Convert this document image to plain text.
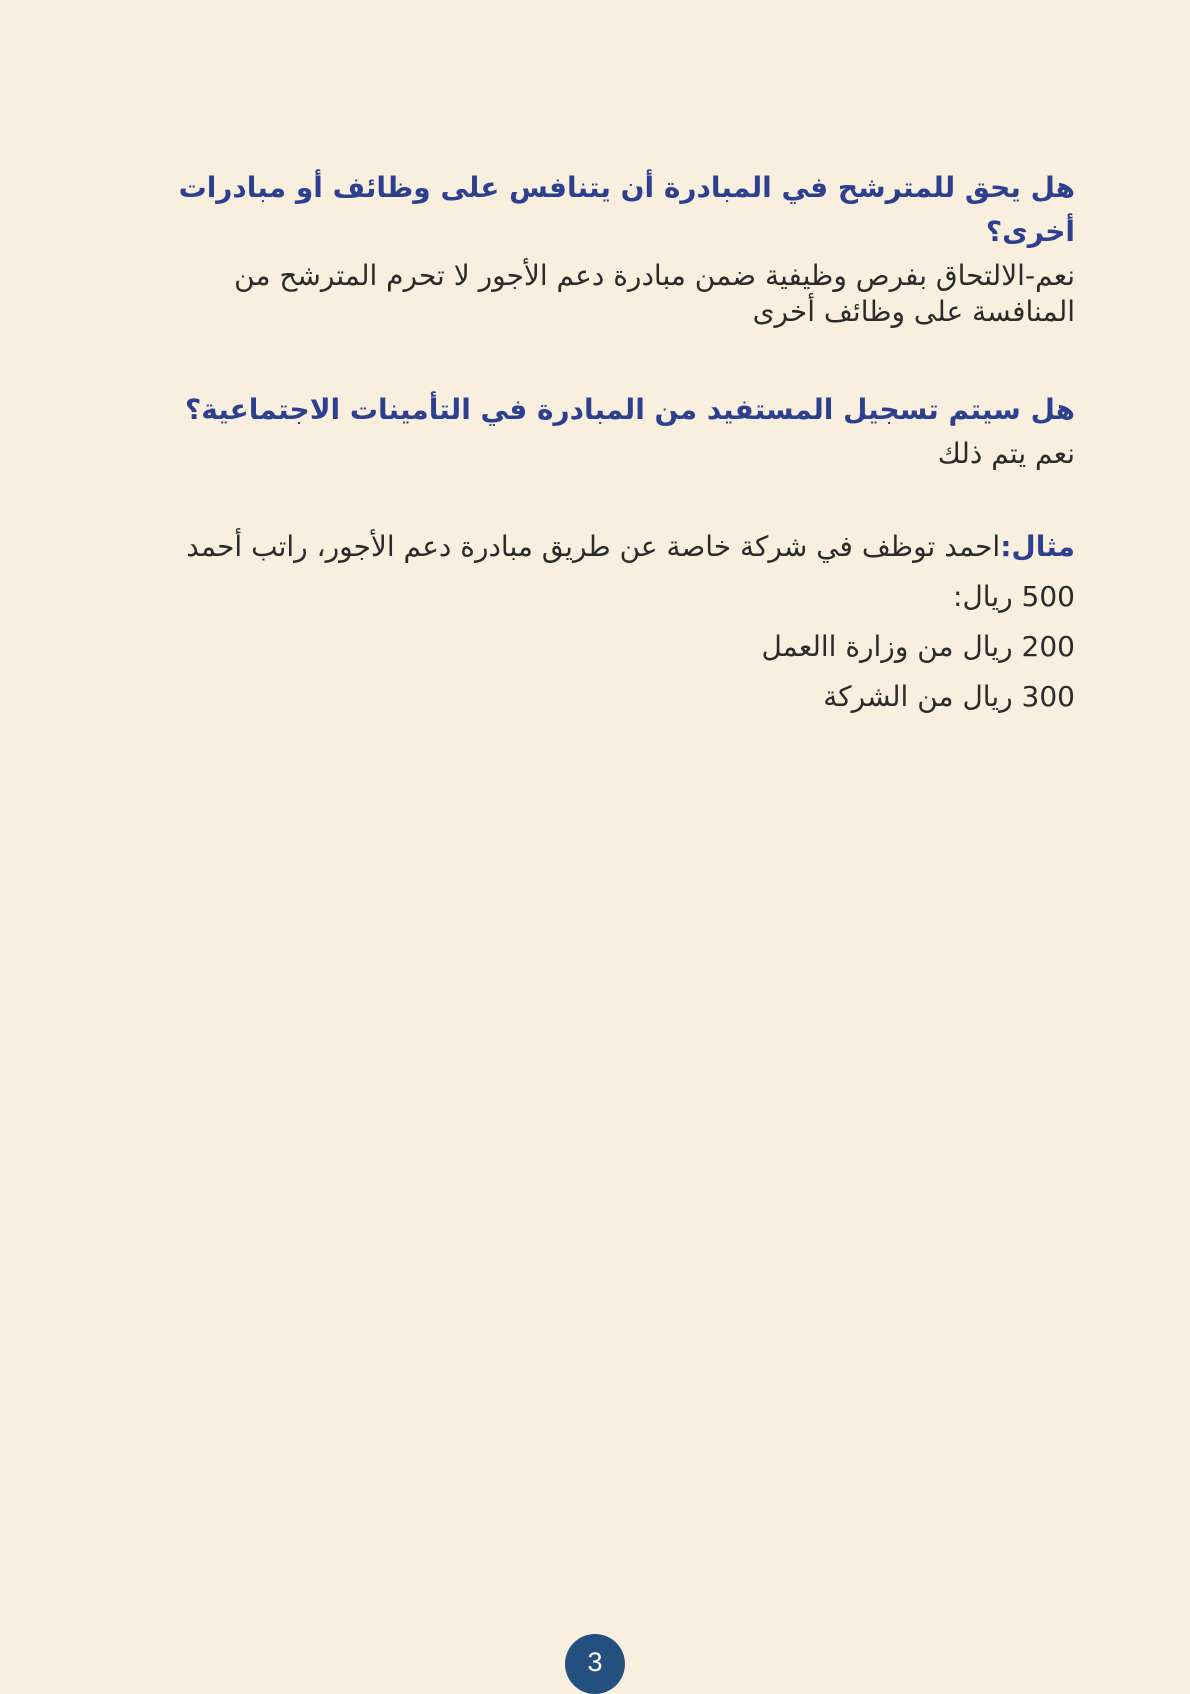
هل يحق للمترشح في المبادرة أن يتنافس على وظائف أو مبادرات أخرى؟

نعم-الالتحاق بفرص وظيفية ضمن مبادرة دعم الأجور لا تحرم المترشح من المنافسة على وظائف أخرى

هل سيتم تسجيل المستفيد من المبادرة في التأمينات الاجتماعية؟

نعم يتم ذلك

مثال:احمد توظف في شركة خاصة عن طريق مبادرة دعم الأجور، راتب أحمد 500 ريال:

200 ريال من وزارة االعمل

300 ريال من الشركة

3
